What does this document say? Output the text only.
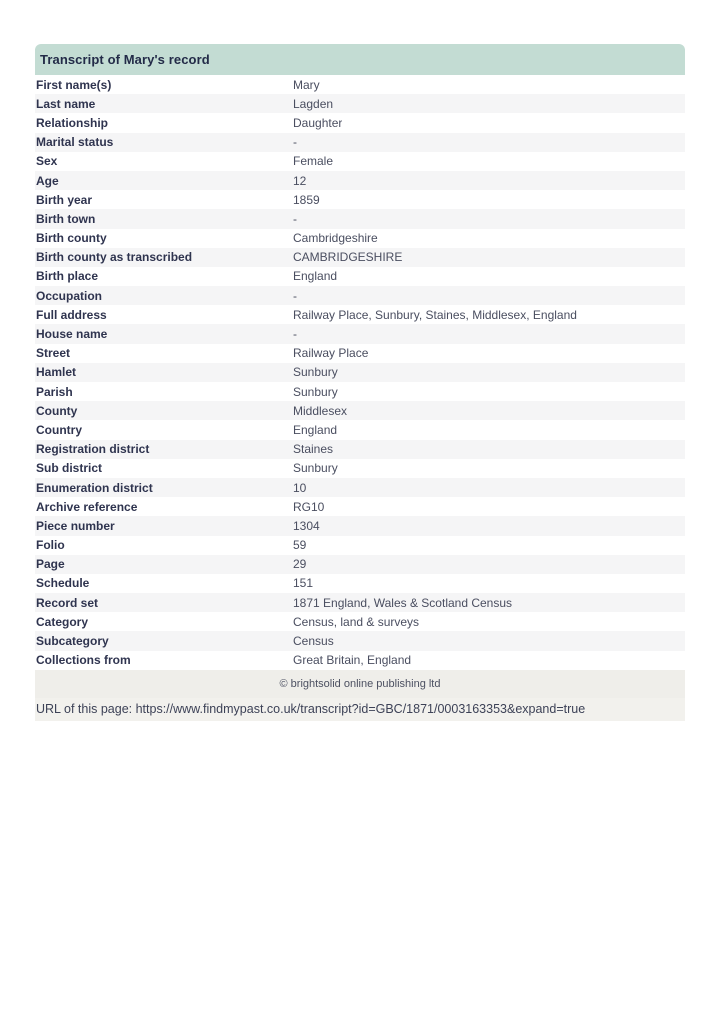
Transcript of Mary's record
First name(s)	Mary
Last name	Lagden
Relationship	Daughter
Marital status	-
Sex	Female
Age	12
Birth year	1859
Birth town	-
Birth county	Cambridgeshire
Birth county as transcribed	CAMBRIDGESHIRE
Birth place	England
Occupation	-
Full address	Railway Place, Sunbury, Staines, Middlesex, England
House name	-
Street	Railway Place
Hamlet	Sunbury
Parish	Sunbury
County	Middlesex
Country	England
Registration district	Staines
Sub district	Sunbury
Enumeration district	10
Archive reference	RG10
Piece number	1304
Folio	59
Page	29
Schedule	151
Record set	1871 England, Wales & Scotland Census
Category	Census, land & surveys
Subcategory	Census
Collections from	Great Britain, England
© brightsolid online publishing ltd
URL of this page: https://www.findmypast.co.uk/transcript?id=GBC/1871/0003163353&expand=true
